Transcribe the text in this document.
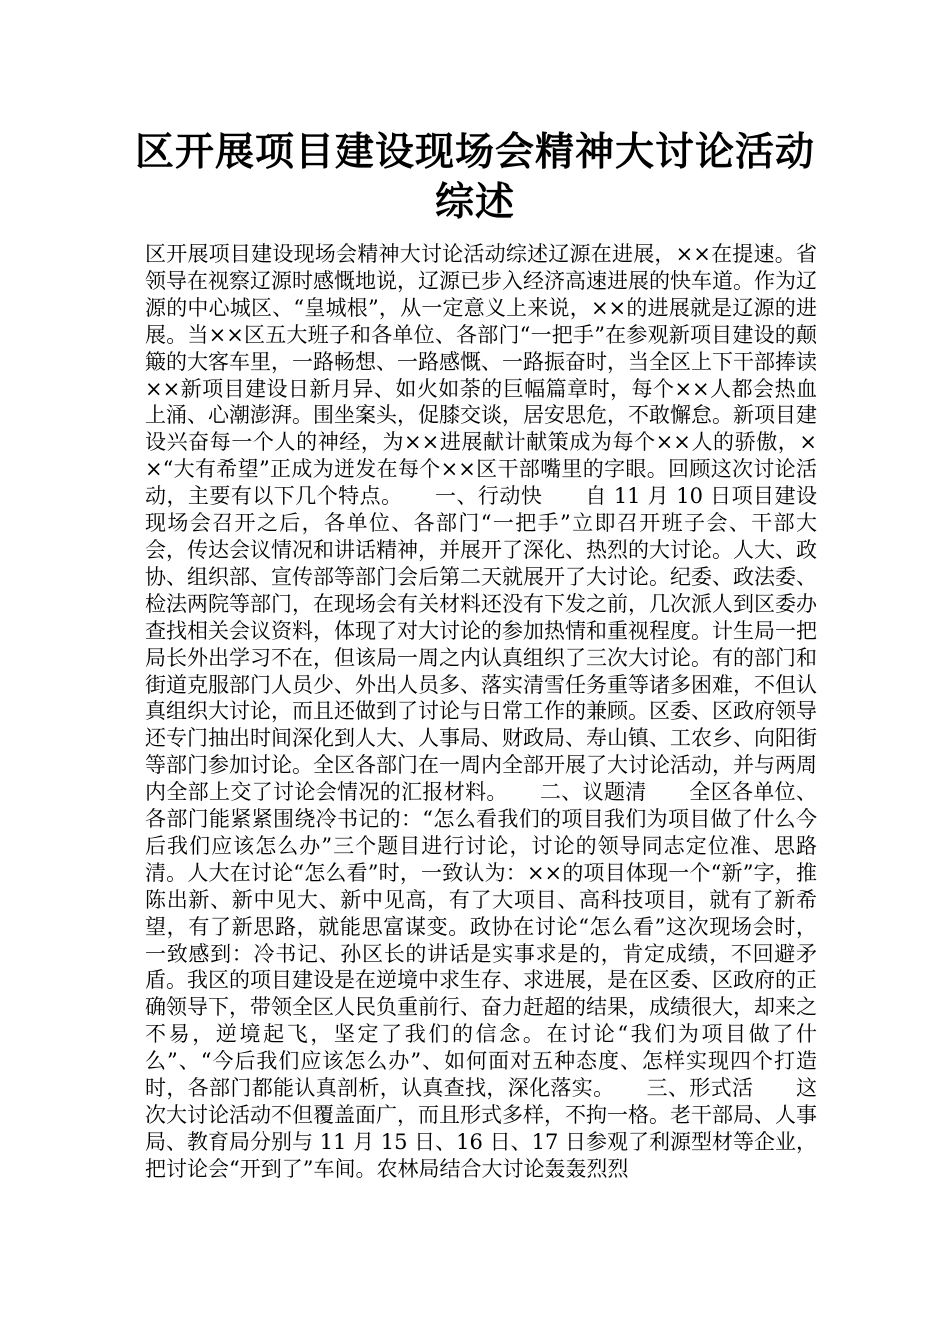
区开展项目建设现场会精神大讨论活动综述

区开展项目建设现场会精神大讨论活动综述辽源在进展，××在提速。省领导在视察辽源时感慨地说，辽源已步入经济高速进展的快车道。作为辽源的中心城区、“皇城根”，从一定意义上来说，××的进展就是辽源的进展。当××区五大班子和各单位、各部门“一把手”在参观新项目建设的颠簸的大客车里，一路畅想、一路感慨、一路振奋时，当全区上下干部捧读××新项目建设日新月异、如火如荼的巨幅篇章时，每个××人都会热血上涌、心潮澎湃。围坐案头，促膝交谈，居安思危，不敢懈怠。新项目建设兴奋每一个人的神经，为××进展献计献策成为每个××人的骄傲，××“大有希望”正成为迸发在每个××区干部嘴里的字眼。回顾这次讨论活动，主要有以下几个特点。　　一、行动快　　自 11 月 10 日项目建设现场会召开之后，各单位、各部门“一把手”立即召开班子会、干部大会，传达会议情况和讲话精神，并展开了深化、热烈的大讨论。人大、政协、组织部、宣传部等部门会后第二天就展开了大讨论。纪委、政法委、检法两院等部门，在现场会有关材料还没有下发之前，几次派人到区委办查找相关会议资料，体现了对大讨论的参加热情和重视程度。计生局一把局长外出学习不在，但该局一周之内认真组织了三次大讨论。有的部门和街道克服部门人员少、外出人员多、落实清雪任务重等诸多困难，不但认真组织大讨论，而且还做到了讨论与日常工作的兼顾。区委、区政府领导还专门抽出时间深化到人大、人事局、财政局、寿山镇、工农乡、向阳街等部门参加讨论。全区各部门在一周内全部开展了大讨论活动，并与两周内全部上交了讨论会情况的汇报材料。　　二、议题清　　全区各单位、各部门能紧紧围绕冷书记的：“怎么看我们的项目我们为项目做了什么今后我们应该怎么办”三个题目进行讨论，讨论的领导同志定位准、思路清。人大在讨论“怎么看”时，一致认为：××的项目体现一个“新”字，推陈出新、新中见大、新中见高，有了大项目、高科技项目，就有了新希望，有了新思路，就能思富谋变。政协在讨论“怎么看”这次现场会时，一致感到：冷书记、孙区长的讲话是实事求是的，肯定成绩，不回避矛盾。我区的项目建设是在逆境中求生存、求进展，是在区委、区政府的正确领导下，带领全区人民负重前行、奋力赶超的结果，成绩很大，却来之不易，逆境起飞，坚定了我们的信念。在讨论“我们为项目做了什么”、“今后我们应该怎么办”、如何面对五种态度、怎样实现四个打造时，各部门都能认真剖析，认真查找，深化落实。　　三、形式活　　这次大讨论活动不但覆盖面广，而且形式多样，不拘一格。老干部局、人事局、教育局分别与 11 月 15 日、16 日、17 日参观了利源型材等企业，把讨论会“开到了”车间。农林局结合大讨论轰轰烈烈
